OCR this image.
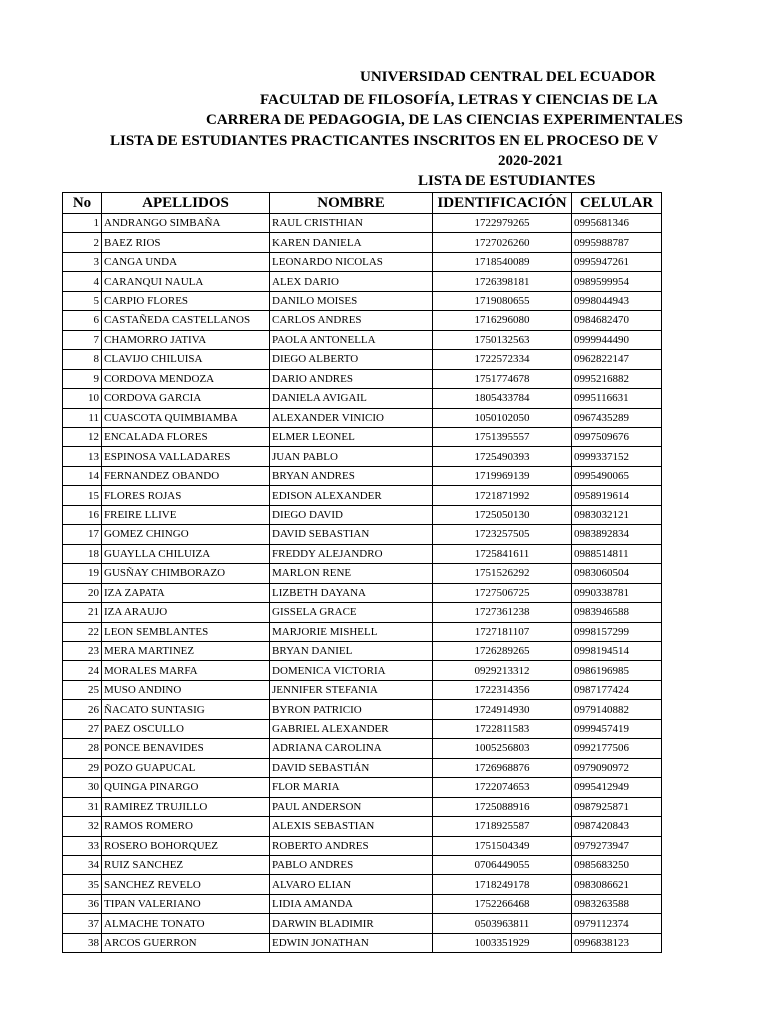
UNIVERSIDAD CENTRAL DEL ECUADOR
FACULTAD DE FILOSOFÍA, LETRAS Y CIENCIAS DE LA
CARRERA DE PEDAGOGIA, DE LAS CIENCIAS EXPERIMENTALES
LISTA DE ESTUDIANTES PRACTICANTES INSCRITOS EN EL PROCESO DE V
2020-2021
LISTA DE ESTUDIANTES
No	APELLIDOS	NOMBRE	IDENTIFICACIÓN	CELULAR
1	ANDRANGO SIMBAÑA	RAUL CRISTHIAN	1722979265	0995681346
2	BAEZ RIOS	KAREN DANIELA	1727026260	0995988787
3	CANGA UNDA	LEONARDO NICOLAS	1718540089	0995947261
4	CARANQUI NAULA	ALEX DARIO	1726398181	0989599954
5	CARPIO FLORES	DANILO MOISES	1719080655	0998044943
6	CASTAÑEDA CASTELLANOS	CARLOS ANDRES	1716296080	0984682470
7	CHAMORRO JATIVA	PAOLA ANTONELLA	1750132563	0999944490
8	CLAVIJO CHILUISA	DIEGO ALBERTO	1722572334	0962822147
9	CORDOVA MENDOZA	DARIO ANDRES	1751774678	0995216882
10	CORDOVA GARCIA	DANIELA AVIGAIL	1805433784	0995116631
11	CUASCOTA QUIMBIAMBA	ALEXANDER VINICIO	1050102050	0967435289
12	ENCALADA FLORES	ELMER LEONEL	1751395557	0997509676
13	ESPINOSA VALLADARES	JUAN PABLO	1725490393	0999337152
14	FERNANDEZ OBANDO	BRYAN ANDRES	1719969139	0995490065
15	FLORES ROJAS	EDISON ALEXANDER	1721871992	0958919614
16	FREIRE LLIVE	DIEGO DAVID	1725050130	0983032121
17	GOMEZ CHINGO	DAVID SEBASTIAN	1723257505	0983892834
18	GUAYLLA CHILUIZA	FREDDY ALEJANDRO	1725841611	0988514811
19	GUSÑAY CHIMBORAZO	MARLON RENE	1751526292	0983060504
20	IZA ZAPATA	LIZBETH DAYANA	1727506725	0990338781
21	IZA ARAUJO	GISSELA GRACE	1727361238	0983946588
22	LEON SEMBLANTES	MARJORIE MISHELL	1727181107	0998157299
23	MERA MARTINEZ	BRYAN DANIEL	1726289265	0998194514
24	MORALES MARFA	DOMENICA VICTORIA	0929213312	0986196985
25	MUSO ANDINO	JENNIFER STEFANIA	1722314356	0987177424
26	ÑACATO SUNTASIG	BYRON PATRICIO	1724914930	0979140882
27	PAEZ OSCULLO	GABRIEL ALEXANDER	1722811583	0999457419
28	PONCE BENAVIDES	ADRIANA CAROLINA	1005256803	0992177506
29	POZO GUAPUCAL	DAVID SEBASTIÁN	1726968876	0979090972
30	QUINGA PINARGO	FLOR MARIA	1722074653	0995412949
31	RAMIREZ TRUJILLO	PAUL ANDERSON	1725088916	0987925871
32	RAMOS ROMERO	ALEXIS SEBASTIAN	1718925587	0987420843
33	ROSERO BOHORQUEZ	ROBERTO ANDRES	1751504349	0979273947
34	RUIZ SANCHEZ	PABLO ANDRES	0706449055	0985683250
35	SANCHEZ REVELO	ALVARO ELIAN	1718249178	0983086621
36	TIPAN VALERIANO	LIDIA AMANDA	1752266468	0983263588
37	ALMACHE TONATO	DARWIN BLADIMIR	0503963811	0979112374
38	ARCOS GUERRON	EDWIN JONATHAN	1003351929	0996838123
